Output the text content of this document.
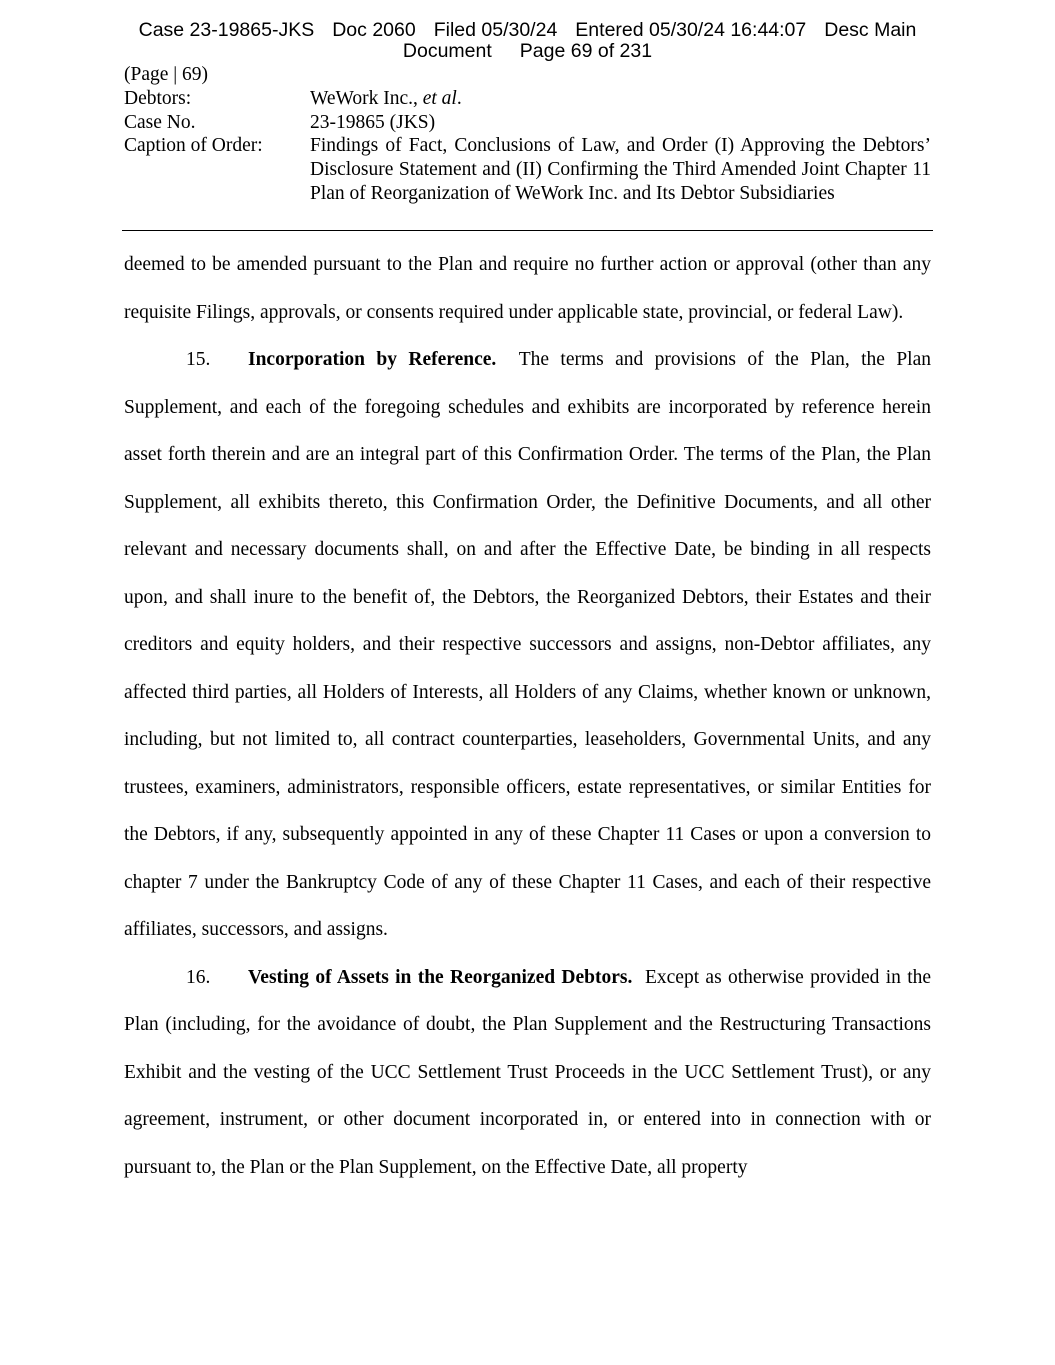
Case 23-19865-JKS Doc 2060 Filed 05/30/24 Entered 05/30/24 16:44:07 Desc Main
Document Page 69 of 231
(Page | 69)
Debtors:	WeWork Inc., et al.
Case No.	23-19865 (JKS)
Caption of Order:	Findings of Fact, Conclusions of Law, and Order (I) Approving the Debtors’ Disclosure Statement and (II) Confirming the Third Amended Joint Chapter 11 Plan of Reorganization of WeWork Inc. and Its Debtor Subsidiaries

deemed to be amended pursuant to the Plan and require no further action or approval (other than any requisite Filings, approvals, or consents required under applicable state, provincial, or federal Law).

15. Incorporation by Reference. The terms and provisions of the Plan, the Plan Supplement, and each of the foregoing schedules and exhibits are incorporated by reference herein asset forth therein and are an integral part of this Confirmation Order. The terms of the Plan, the Plan Supplement, all exhibits thereto, this Confirmation Order, the Definitive Documents, and all other relevant and necessary documents shall, on and after the Effective Date, be binding in all respects upon, and shall inure to the benefit of, the Debtors, the Reorganized Debtors, their Estates and their creditors and equity holders, and their respective successors and assigns, non-Debtor affiliates, any affected third parties, all Holders of Interests, all Holders of any Claims, whether known or unknown, including, but not limited to, all contract counterparties, leaseholders, Governmental Units, and any trustees, examiners, administrators, responsible officers, estate representatives, or similar Entities for the Debtors, if any, subsequently appointed in any of these Chapter 11 Cases or upon a conversion to chapter 7 under the Bankruptcy Code of any of these Chapter 11 Cases, and each of their respective affiliates, successors, and assigns.

16. Vesting of Assets in the Reorganized Debtors. Except as otherwise provided in the Plan (including, for the avoidance of doubt, the Plan Supplement and the Restructuring Transactions Exhibit and the vesting of the UCC Settlement Trust Proceeds in the UCC Settlement Trust), or any agreement, instrument, or other document incorporated in, or entered into in connection with or pursuant to, the Plan or the Plan Supplement, on the Effective Date, all property
